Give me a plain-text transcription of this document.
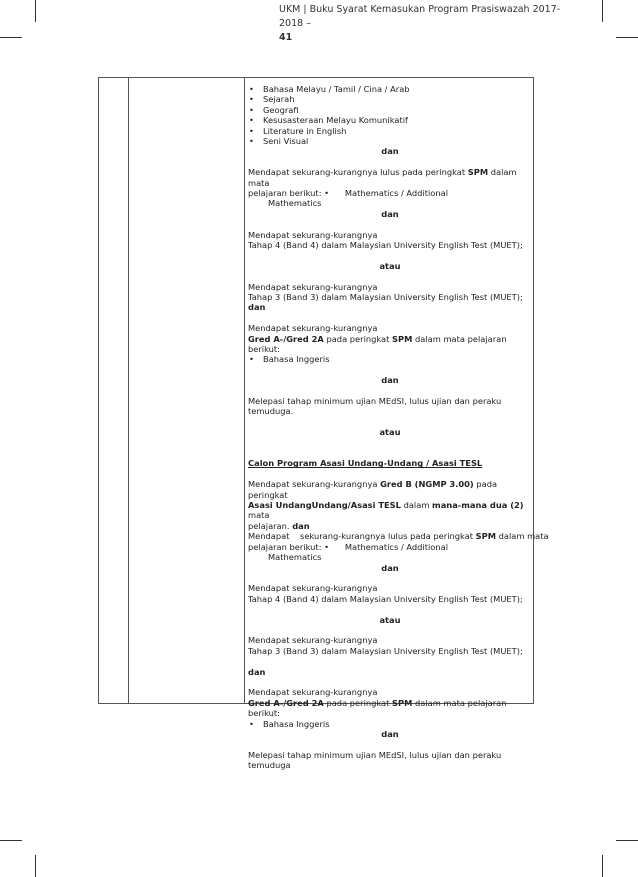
UKM | Buku Syarat Kemasukan Program Prasiswazah 2017-2018 –
41

• Bahasa Melayu / Tamil / Cina / Arab

• Sejarah

• Geografi

• Kesusasteraan Melayu Komunikatif

• Literature in English

• Seni Visual

dan

Mendapat sekurang-kurangnya lulus pada peringkat SPM dalam mata

pelajaran berikut: •      Mathematics / Additional

Mathematics

dan

Mendapat sekurang-kurangnya

Tahap 4 (Band 4) dalam Malaysian University English Test (MUET);

atau

Mendapat sekurang-kurangnya

Tahap 3 (Band 3) dalam Malaysian University English Test (MUET); dan

Mendapat sekurang-kurangnya

Gred A-/Gred 2A pada peringkat SPM dalam mata pelajaran berikut:

• Bahasa Inggeris

dan

Melepasi tahap minimum ujian MEdSI, lulus ujian dan peraku temuduga.

atau

Calon Program Asasi Undang-Undang / Asasi TESL

Mendapat sekurang-kurangnya Gred B (NGMP 3.00) pada peringkat

Asasi UndangUndang/Asasi TESL dalam mana-mana dua (2) mata

pelajaran. dan

Mendapat    sekurang-kurangnya lulus pada peringkat SPM dalam mata

pelajaran berikut: •      Mathematics / Additional

Mathematics

dan

Mendapat sekurang-kurangnya

Tahap 4 (Band 4) dalam Malaysian University English Test (MUET);

atau

Mendapat sekurang-kurangnya

Tahap 3 (Band 3) dalam Malaysian University English Test (MUET);

dan

Mendapat sekurang-kurangnya

Gred A-/Gred 2A pada peringkat SPM dalam mata pelajaran berikut:

• Bahasa Inggeris

dan

Melepasi tahap minimum ujian MEdSI, lulus ujian dan peraku temuduga
